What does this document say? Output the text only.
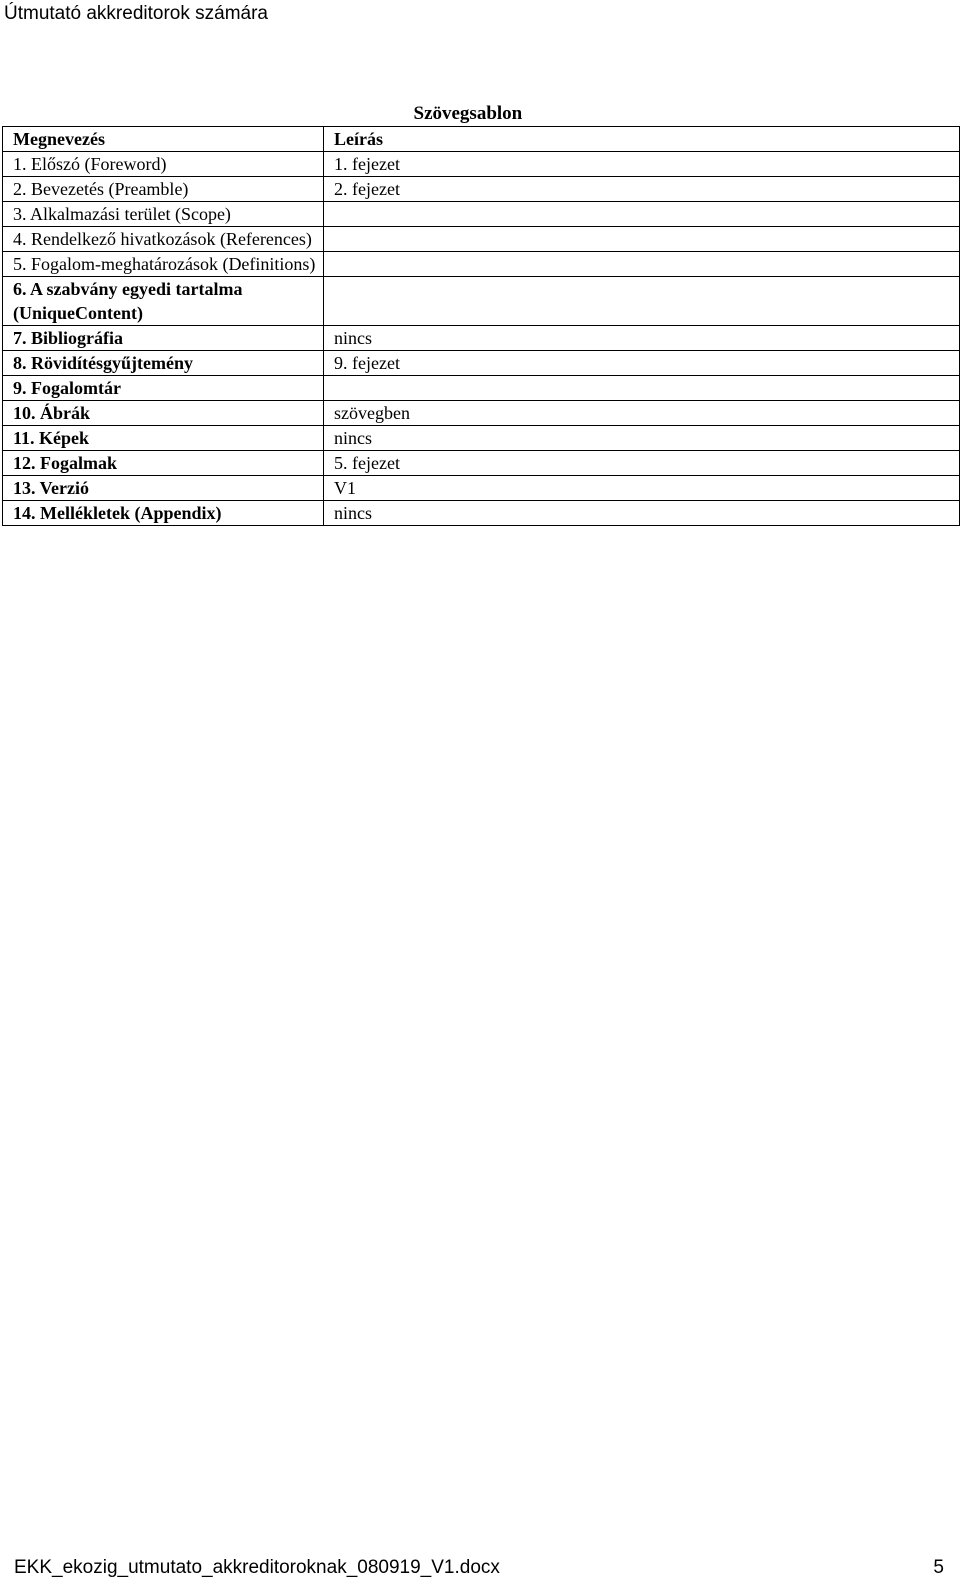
Útmutató akkreditorok számára
	Szövegsablon
Megnevezés	Leírás
1. Előszó (Foreword)	1. fejezet
2. Bevezetés (Preamble)	2. fejezet
3. Alkalmazási terület (Scope)	
4. Rendelkező hivatkozások (References)	
5. Fogalom-meghatározások (Definitions)	
6. A szabvány egyedi tartalma (UniqueContent)	
7. Bibliográfia	nincs
8. Rövidítésgyűjtemény	9. fejezet
9. Fogalomtár	
10. Ábrák	szövegben
11. Képek	nincs
12. Fogalmak	5. fejezet
13. Verzió	V1
14. Mellékletek (Appendix)	nincs
EKK_ekozig_utmutato_akkreditoroknak_080919_V1.docx	5
